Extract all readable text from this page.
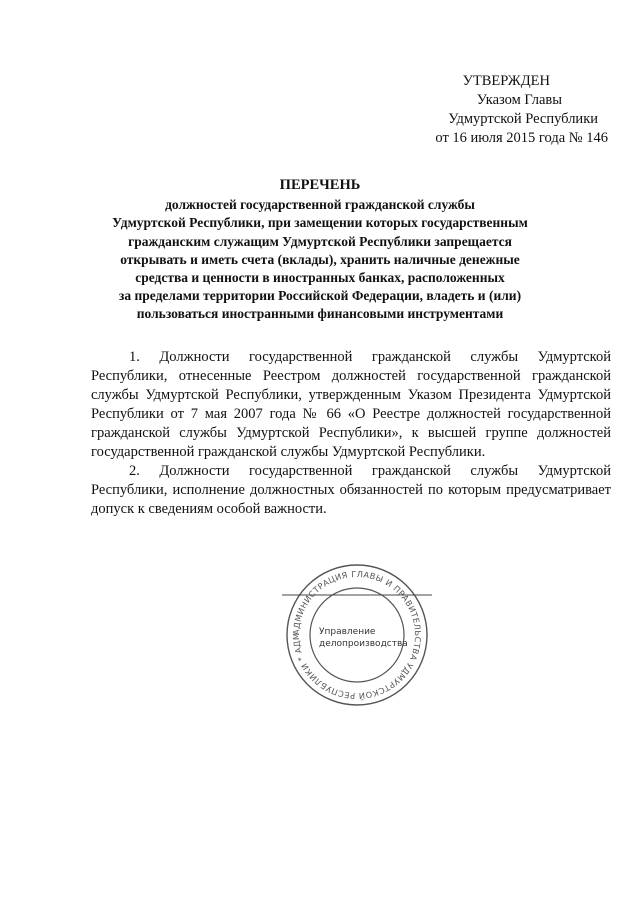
УТВЕРЖДЕН
Указом Главы
Удмуртской Республики
от 16 июля 2015 года № 146
ПЕРЕЧЕНЬ
должностей государственной гражданской службы
Удмуртской Республики, при замещении которых государственным
гражданским служащим Удмуртской Республики запрещается
открывать и иметь счета (вклады), хранить наличные денежные
средства и ценности в иностранных банках, расположенных
за пределами территории Российской Федерации, владеть и (или)
пользоваться иностранными финансовыми инструментами

1. Должности государственной гражданской службы Удмуртской Республики, отнесенные Реестром должностей государственной гражданской службы Удмуртской Республики, утвержденным Указом Президента Удмуртской Республики от 7 мая 2007 года № 66 «О Реестре должностей государственной гражданской службы Удмуртской Республики», к высшей группе должностей государственной гражданской службы Удмуртской Республики.

2. Должности государственной гражданской службы Удмуртской Республики, исполнение должностных обязанностей по которым предусматривает допуск к сведениям особой важности.

АДМИНИСТРАЦИЯ ГЛАВЫ И ПРАВИТЕЛЬСТВА УДМУРТСКОЙ РЕСПУБЛИКИ * АДМ	Управление
делопроизводства
